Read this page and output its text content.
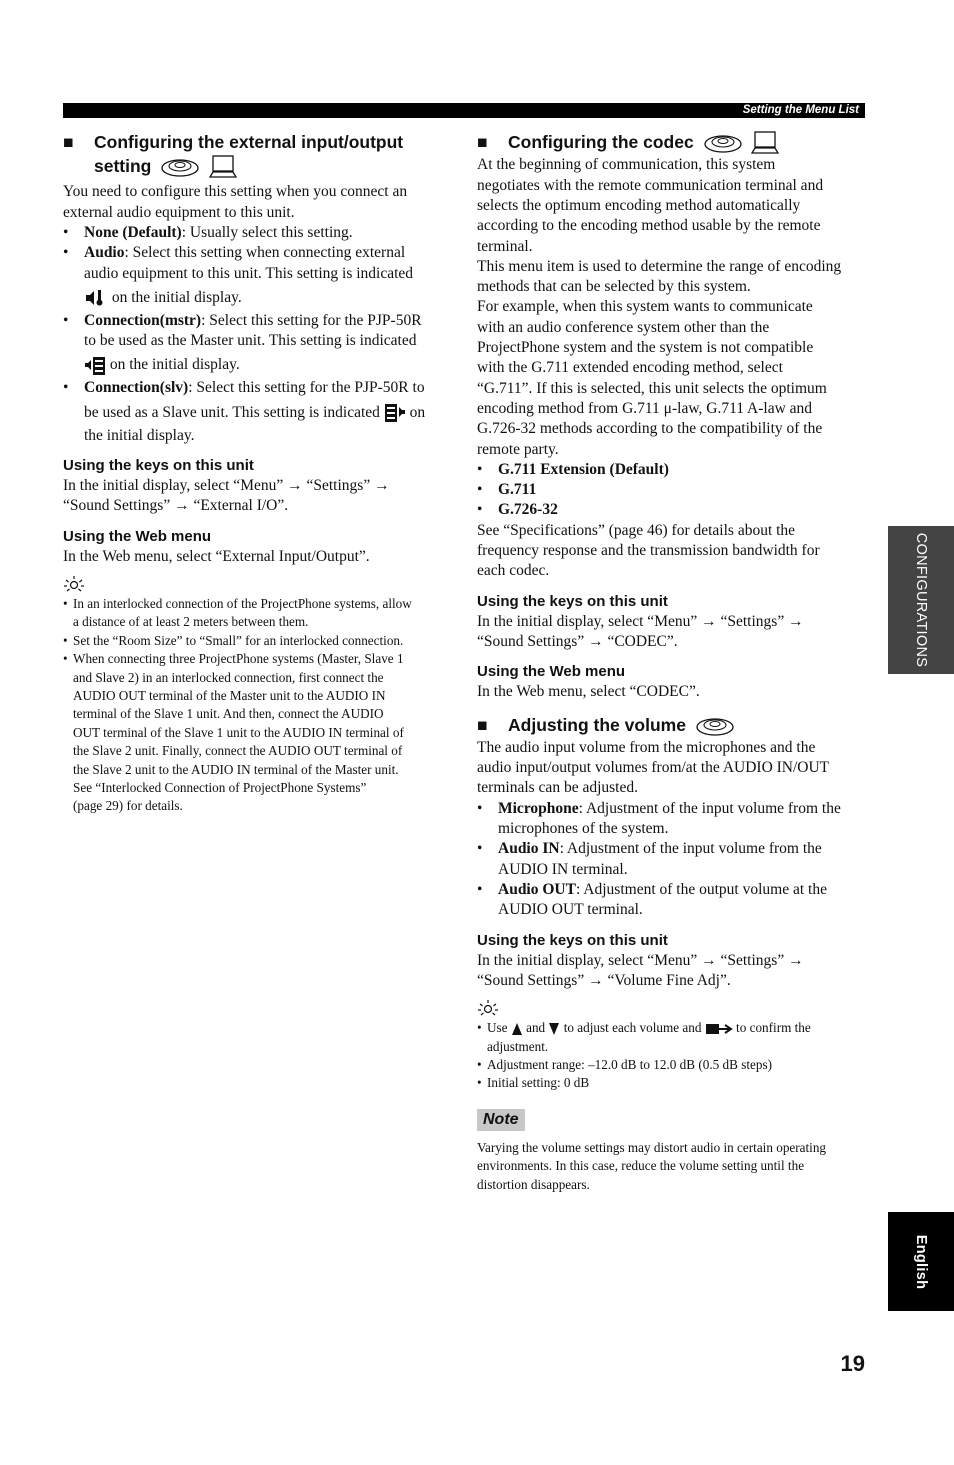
Setting the Menu List
■ Configuring the external input/output
setting

You need to configure this setting when you connect an

external audio equipment to this unit.

• None (Default): Usually select this setting.
• Audio: Select this setting when connecting external
audio equipment to this unit. This setting is indicated
on the initial display.
• Connection(mstr): Select this setting for the PJP-50R
to be used as the Master unit. This setting is indicated
on the initial display.
• Connection(slv): Select this setting for the PJP-50R to
be used as a Slave unit. This setting is indicated  on
the initial display.
Using the keys on this unit

In the initial display, select “Menu” → “Settings” →

“Sound Settings” → “External I/O”.

Using the Web menu

In the Web menu, select “External Input/Output”.

• In an interlocked connection of the ProjectPhone systems, allow
a distance of at least 2 meters between them.
• Set the “Room Size” to “Small” for an interlocked connection.
• When connecting three ProjectPhone systems (Master, Slave 1
and Slave 2) in an interlocked connection, first connect the
AUDIO OUT terminal of the Master unit to the AUDIO IN
terminal of the Slave 1 unit. And then, connect the AUDIO
OUT terminal of the Slave 1 unit to the AUDIO IN terminal of
the Slave 2 unit. Finally, connect the AUDIO OUT terminal of
the Slave 2 unit to the AUDIO IN terminal of the Master unit.
See “Interlocked Connection of ProjectPhone Systems”
(page 29) for details.
■ Configuring the codec

At the beginning of communication, this system

negotiates with the remote communication terminal and

selects the optimum encoding method automatically

according to the encoding method usable by the remote

terminal.

This menu item is used to determine the range of encoding

methods that can be selected by this system.

For example, when this system wants to communicate

with an audio conference system other than the

ProjectPhone system and the system is not compatible

with the G.711 extended encoding method, select

“G.711”. If this is selected, this unit selects the optimum

encoding method from G.711 μ-law, G.711 A-law and

G.726-32 methods according to the compatibility of the

remote party.

• G.711 Extension (Default)
• G.711
• G.726-32

See “Specifications” (page 46) for details about the

frequency response and the transmission bandwidth for

each codec.

Using the keys on this unit

In the initial display, select “Menu” → “Settings” →

“Sound Settings” → “CODEC”.

Using the Web menu

In the Web menu, select “CODEC”.

■ Adjusting the volume

The audio input volume from the microphones and the

audio input/output volumes from/at the AUDIO IN/OUT

terminals can be adjusted.

• Microphone: Adjustment of the input volume from the
microphones of the system.
• Audio IN: Adjustment of the input volume from the
AUDIO IN terminal.
• Audio OUT: Adjustment of the output volume at the
AUDIO OUT terminal.
Using the keys on this unit

In the initial display, select “Menu” → “Settings” →

“Sound Settings” → “Volume Fine Adj”.

• Use  and  to adjust each volume and  to confirm the
adjustment.
• Adjustment range: –12.0 dB to 12.0 dB (0.5 dB steps)
• Initial setting: 0 dB
Note

Varying the volume settings may distort audio in certain operating

environments. In this case, reduce the volume setting until the

distortion disappears.

CONFIGURATIONS
English
19
